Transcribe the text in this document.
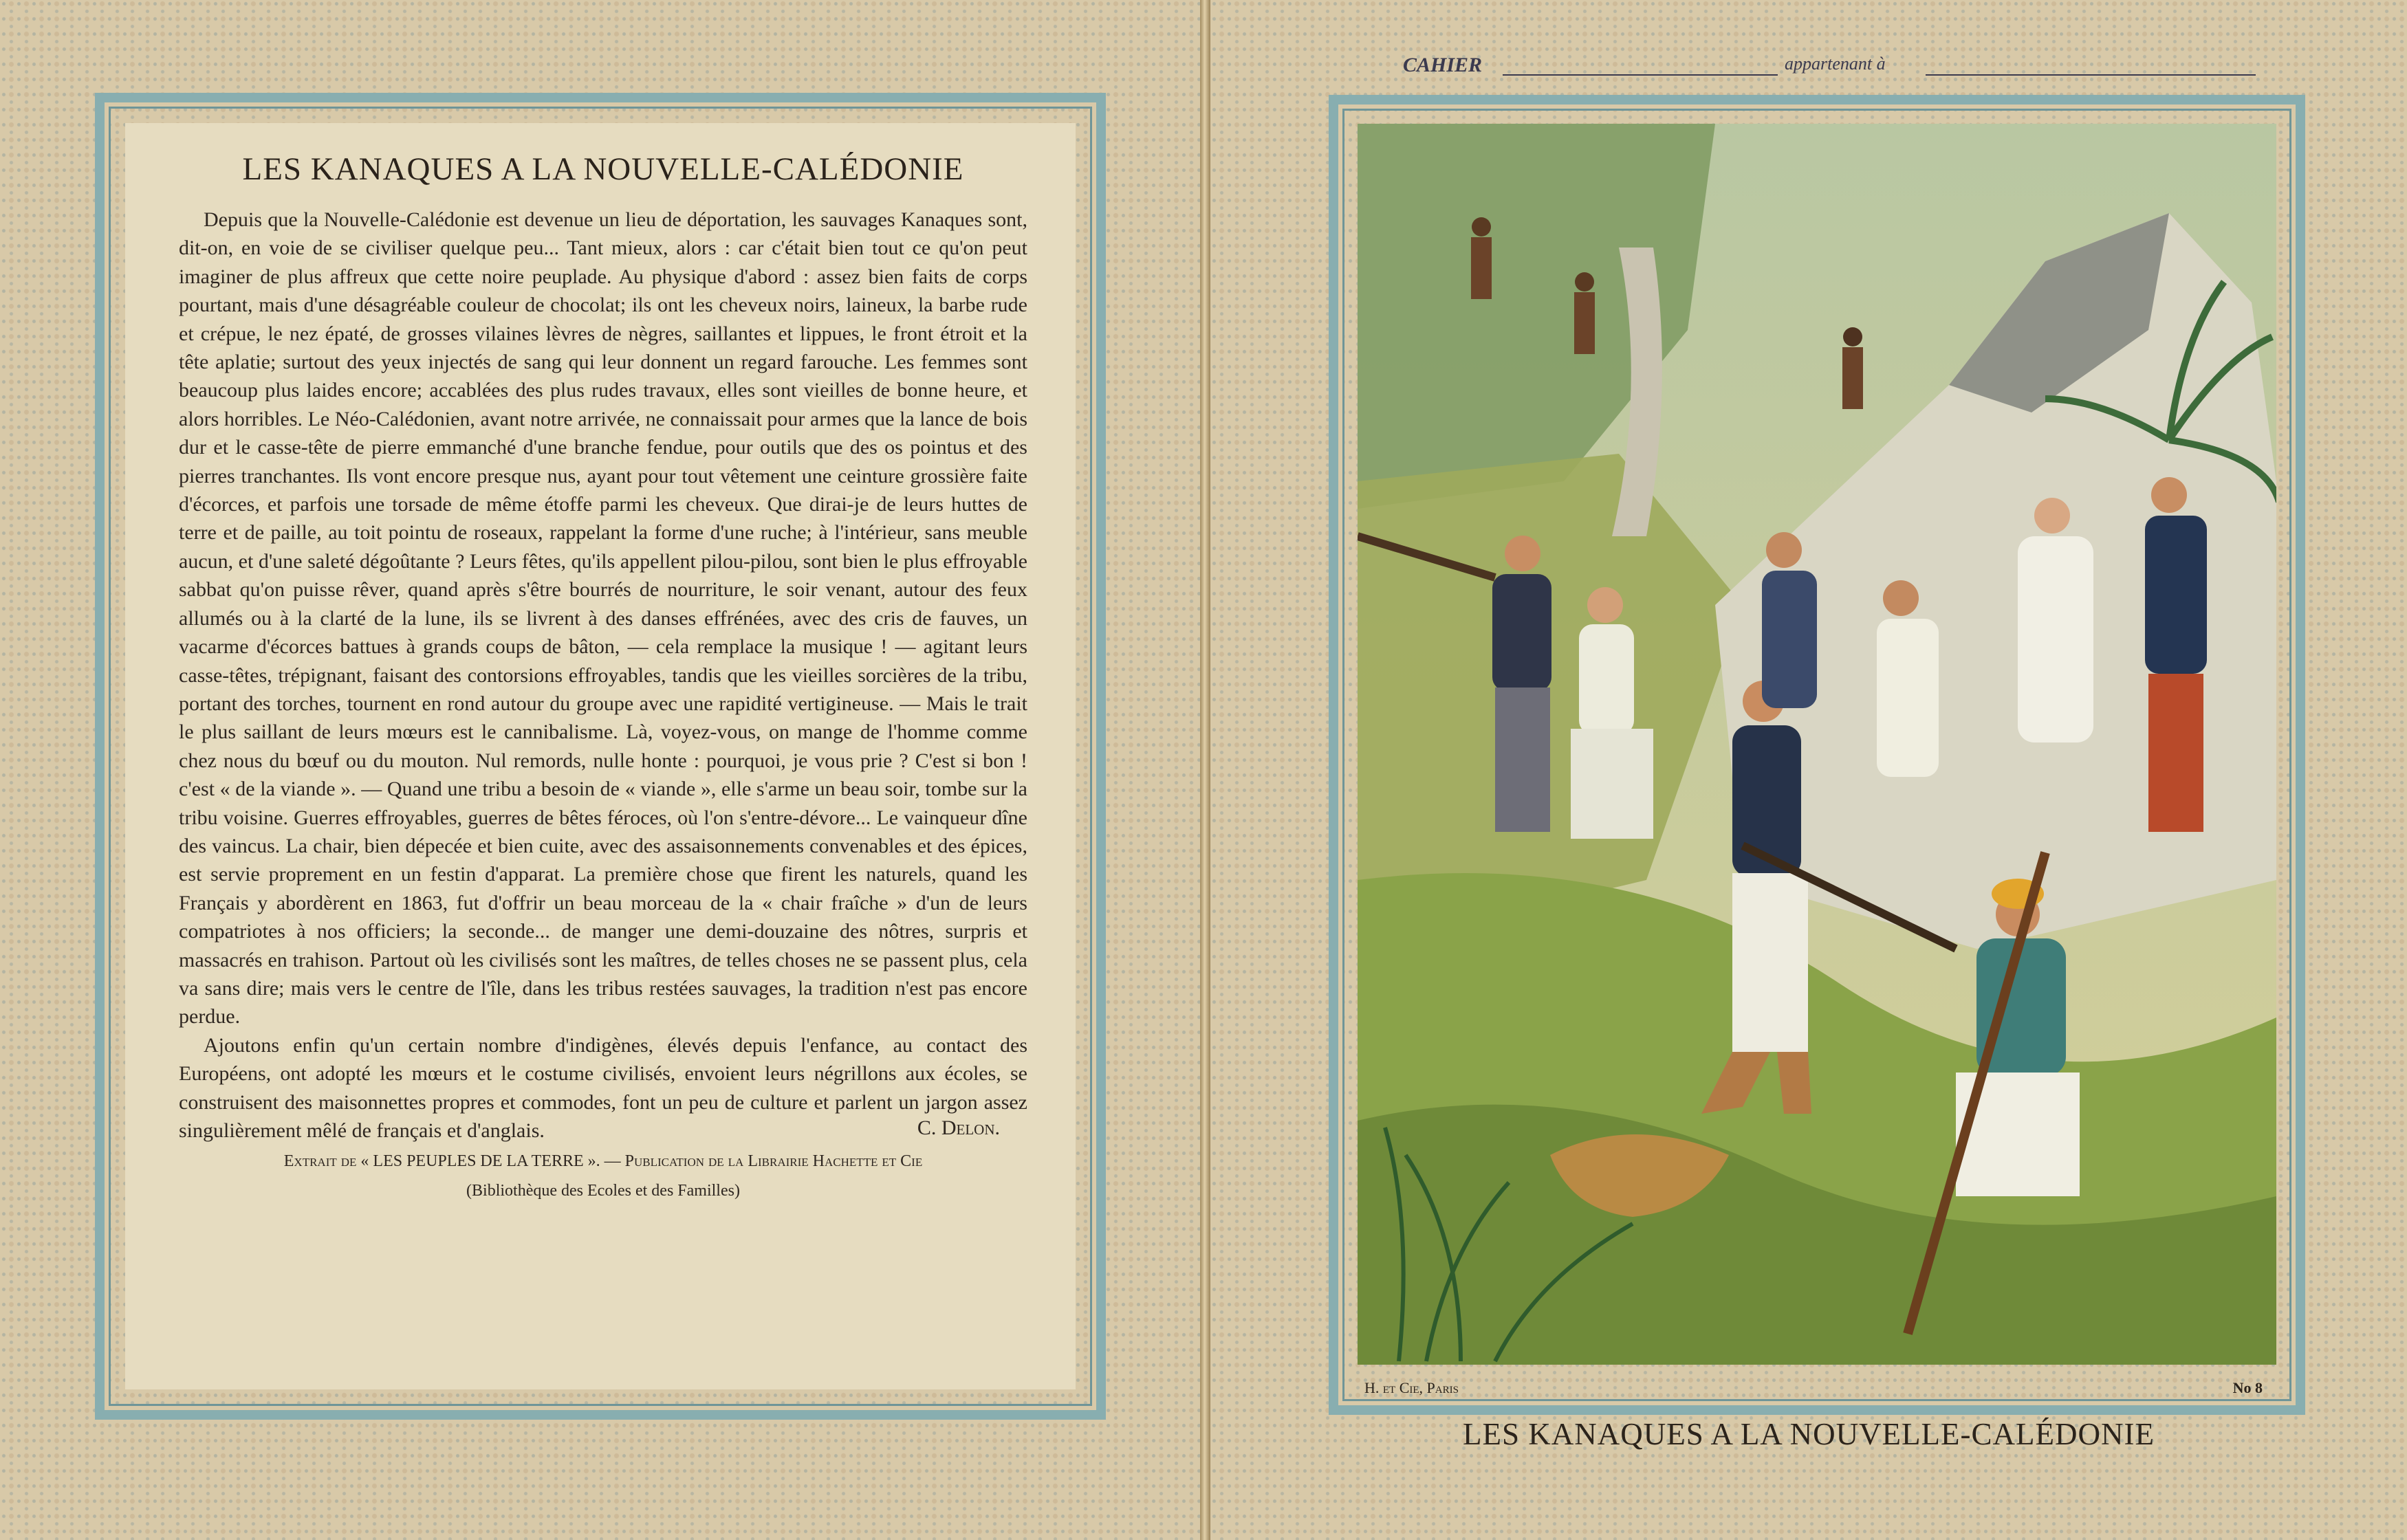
LES KANAQUES A LA NOUVELLE-CALÉDONIE

Depuis que la Nouvelle-Calédonie est devenue un lieu de déportation, les sauvages Kanaques sont, dit-on, en voie de se civiliser quelque peu... Tant mieux, alors : car c'était bien tout ce qu'on peut imaginer de plus affreux que cette noire peuplade. Au physique d'abord : assez bien faits de corps pourtant, mais d'une désagréable couleur de chocolat; ils ont les cheveux noirs, laineux, la barbe rude et crépue, le nez épaté, de grosses vilaines lèvres de nègres, saillantes et lippues, le front étroit et la tête aplatie; surtout des yeux injectés de sang qui leur donnent un regard farouche. Les femmes sont beaucoup plus laides encore; accablées des plus rudes travaux, elles sont vieilles de bonne heure, et alors horribles. Le Néo-Calédonien, avant notre arrivée, ne connaissait pour armes que la lance de bois dur et le casse-tête de pierre emmanché d'une branche fendue, pour outils que des os pointus et des pierres tranchantes. Ils vont encore presque nus, ayant pour tout vêtement une ceinture grossière faite d'écorces, et parfois une torsade de même étoffe parmi les cheveux. Que dirai-je de leurs huttes de terre et de paille, au toit pointu de roseaux, rappelant la forme d'une ruche; à l'intérieur, sans meuble aucun, et d'une saleté dégoûtante ? Leurs fêtes, qu'ils appellent pilou-pilou, sont bien le plus effroyable sabbat qu'on puisse rêver, quand après s'être bourrés de nourriture, le soir venant, autour des feux allumés ou à la clarté de la lune, ils se livrent à des danses effrénées, avec des cris de fauves, un vacarme d'écorces battues à grands coups de bâton, — cela remplace la musique ! — agitant leurs casse-têtes, trépignant, faisant des contorsions effroyables, tandis que les vieilles sorcières de la tribu, portant des torches, tournent en rond autour du groupe avec une rapidité vertigineuse. — Mais le trait le plus saillant de leurs mœurs est le cannibalisme. Là, voyez-vous, on mange de l'homme comme chez nous du bœuf ou du mouton. Nul remords, nulle honte : pourquoi, je vous prie ? C'est si bon ! c'est « de la viande ». — Quand une tribu a besoin de « viande », elle s'arme un beau soir, tombe sur la tribu voisine. Guerres effroyables, guerres de bêtes féroces, où l'on s'entre-dévore... Le vainqueur dîne des vaincus. La chair, bien dépecée et bien cuite, avec des assaisonnements convenables et des épices, est servie proprement en un festin d'apparat. La première chose que firent les naturels, quand les Français y abordèrent en 1863, fut d'offrir un beau morceau de la « chair fraîche » d'un de leurs compatriotes à nos officiers; la seconde... de manger une demi-douzaine des nôtres, surpris et massacrés en trahison. Partout où les civilisés sont les maîtres, de telles choses ne se passent plus, cela va sans dire; mais vers le centre de l'île, dans les tribus restées sauvages, la tradition n'est pas encore perdue.

Ajoutons enfin qu'un certain nombre d'indigènes, élevés depuis l'enfance, au contact des Européens, ont adopté les mœurs et le costume civilisés, envoient leurs négrillons aux écoles, se construisent des maisonnettes propres et commodes, font un peu de culture et parlent un jargon assez singulièrement mêlé de français et d'anglais.	C. Delon.
Extrait de « LES PEUPLES DE LA TERRE ». — Publication de la Librairie Hachette et Cie
(Bibliothèque des Ecoles et des Familles)
CAHIER	appartenant à
H. et Cie, Paris	No 8
LES KANAQUES A LA NOUVELLE-CALÉDONIE
